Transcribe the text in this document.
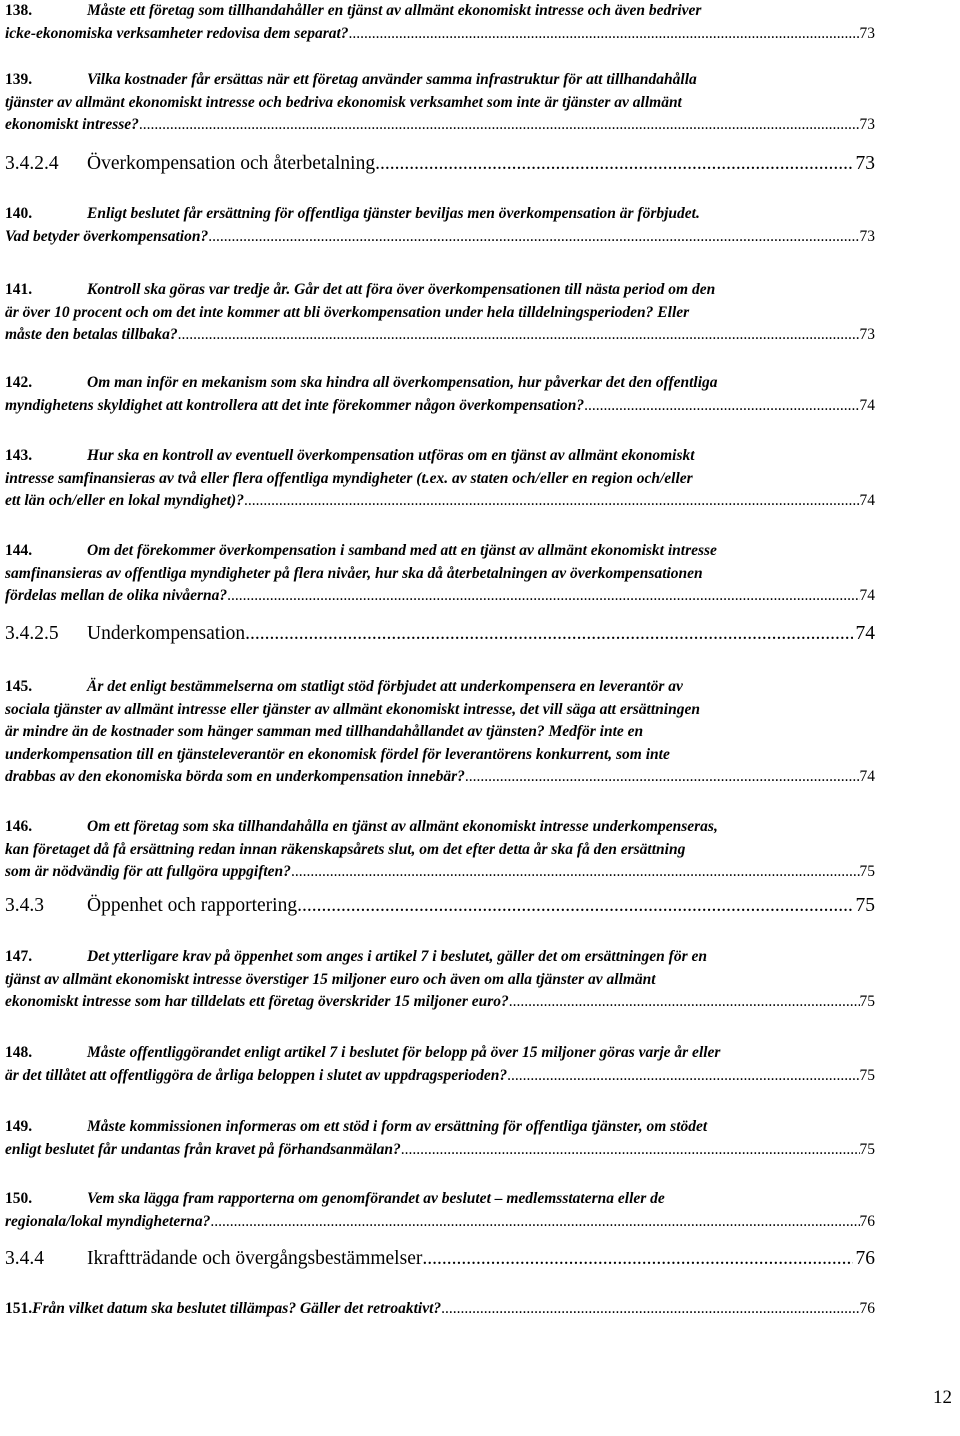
138.	Måste ett företag som tillhandahåller en tjänst av allmänt ekonomiskt intresse och även bedriver
icke-ekonomiska verksamheter redovisa dem separat? .....	73
139.	Vilka kostnader får ersättas när ett företag använder samma infrastruktur för att tillhandahålla
tjänster av allmänt ekonomiskt intresse och bedriva ekonomisk verksamhet som inte är tjänster av allmänt
ekonomiskt intresse? .....	73
3.4.2.4	Överkompensation och återbetalning .....	73
140.	Enligt beslutet får ersättning för offentliga tjänster beviljas men överkompensation är förbjudet.
Vad betyder överkompensation? .....	73
141.	Kontroll ska göras var tredje år. Går det att föra över överkompensationen till nästa period om den
är över 10 procent och om det inte kommer att bli överkompensation under hela tilldelningsperioden? Eller
måste den betalas tillbaka? .....	73
142.	Om man inför en mekanism som ska hindra all överkompensation, hur påverkar det den offentliga
myndighetens skyldighet att kontrollera att det inte förekommer någon överkompensation? .....	74
143.	Hur ska en kontroll av eventuell överkompensation utföras om en tjänst av allmänt ekonomiskt
intresse samfinansieras av två eller flera offentliga myndigheter (t.ex. av staten och/eller en region och/eller
ett län och/eller en lokal myndighet)? .....	74
144.	Om det förekommer överkompensation i samband med att en tjänst av allmänt ekonomiskt intresse
samfinansieras av offentliga myndigheter på flera nivåer, hur ska då återbetalningen av överkompensationen
fördelas mellan de olika nivåerna? .....	74
3.4.2.5	Underkompensation .....	74
145.	Är det enligt bestämmelserna om statligt stöd förbjudet att underkompensera en leverantör av
sociala tjänster av allmänt intresse eller tjänster av allmänt ekonomiskt intresse, det vill säga att ersättningen
är mindre än de kostnader som hänger samman med tillhandahållandet av tjänsten? Medför inte en
underkompensation till en tjänsteleverantör en ekonomisk fördel för leverantörens konkurrent, som inte
drabbas av den ekonomiska börda som en underkompensation innebär? .....	74
146.	Om ett företag som ska tillhandahålla en tjänst av allmänt ekonomiskt intresse underkompenseras,
kan företaget då få ersättning redan innan räkenskapsårets slut, om det efter detta år ska få den ersättning
som är nödvändig för att fullgöra uppgiften? .....	75
3.4.3	Öppenhet och rapportering .....	75
147.	Det ytterligare krav på öppenhet som anges i artikel 7 i beslutet, gäller det om ersättningen för en
tjänst av allmänt ekonomiskt intresse överstiger 15 miljoner euro och även om alla tjänster av allmänt
ekonomiskt intresse som har tilldelats ett företag överskrider 15 miljoner euro? .....	75
148.	Måste offentliggörandet enligt artikel 7 i beslutet för belopp på över 15 miljoner göras varje år eller
är det tillåtet att offentliggöra de årliga beloppen i slutet av uppdragsperioden? .....	75
149.	Måste kommissionen informeras om ett stöd i form av ersättning för offentliga tjänster, om stödet
enligt beslutet får undantas från kravet på förhandsanmälan? .....	75
150.	Vem ska lägga fram rapporterna om genomförandet av beslutet – medlemsstaterna eller de
regionala/lokal myndigheterna? .....	76
3.4.4	Ikraftträdande och övergångsbestämmelser .....	76
151. Från vilket datum ska beslutet tillämpas? Gäller det retroaktivt? .....	76
12
